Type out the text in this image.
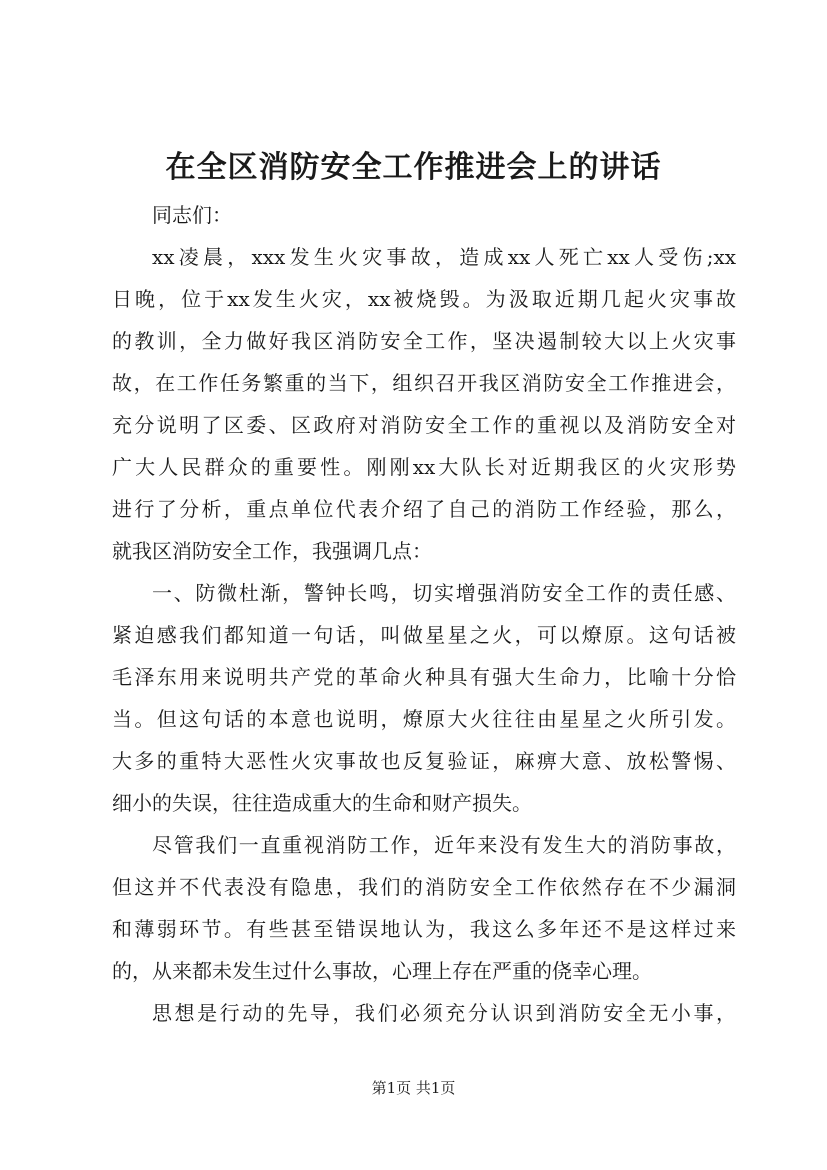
在全区消防安全工作推进会上的讲话
同志们：
xx凌晨，xxx发生火灾事故，造成xx人死亡xx人受伤;xx
日晚，位于xx发生火灾，xx被烧毁。为汲取近期几起火灾事故
的教训，全力做好我区消防安全工作，坚决遏制较大以上火灾事
故，在工作任务繁重的当下，组织召开我区消防安全工作推进会，
充分说明了区委、区政府对消防安全工作的重视以及消防安全对
广大人民群众的重要性。刚刚xx大队长对近期我区的火灾形势
进行了分析，重点单位代表介绍了自己的消防工作经验，那么，
就我区消防安全工作，我强调几点：
一、防微杜渐，警钟长鸣，切实增强消防安全工作的责任感、
紧迫感我们都知道一句话，叫做星星之火，可以燎原。这句话被
毛泽东用来说明共产党的革命火种具有强大生命力，比喻十分恰
当。但这句话的本意也说明，燎原大火往往由星星之火所引发。
大多的重特大恶性火灾事故也反复验证，麻痹大意、放松警惕、
细小的失误，往往造成重大的生命和财产损失。
尽管我们一直重视消防工作，近年来没有发生大的消防事故，
但这并不代表没有隐患，我们的消防安全工作依然存在不少漏洞
和薄弱环节。有些甚至错误地认为，我这么多年还不是这样过来
的，从来都未发生过什么事故，心理上存在严重的侥幸心理。
思想是行动的先导，我们必须充分认识到消防安全无小事，
第1页 共1页
